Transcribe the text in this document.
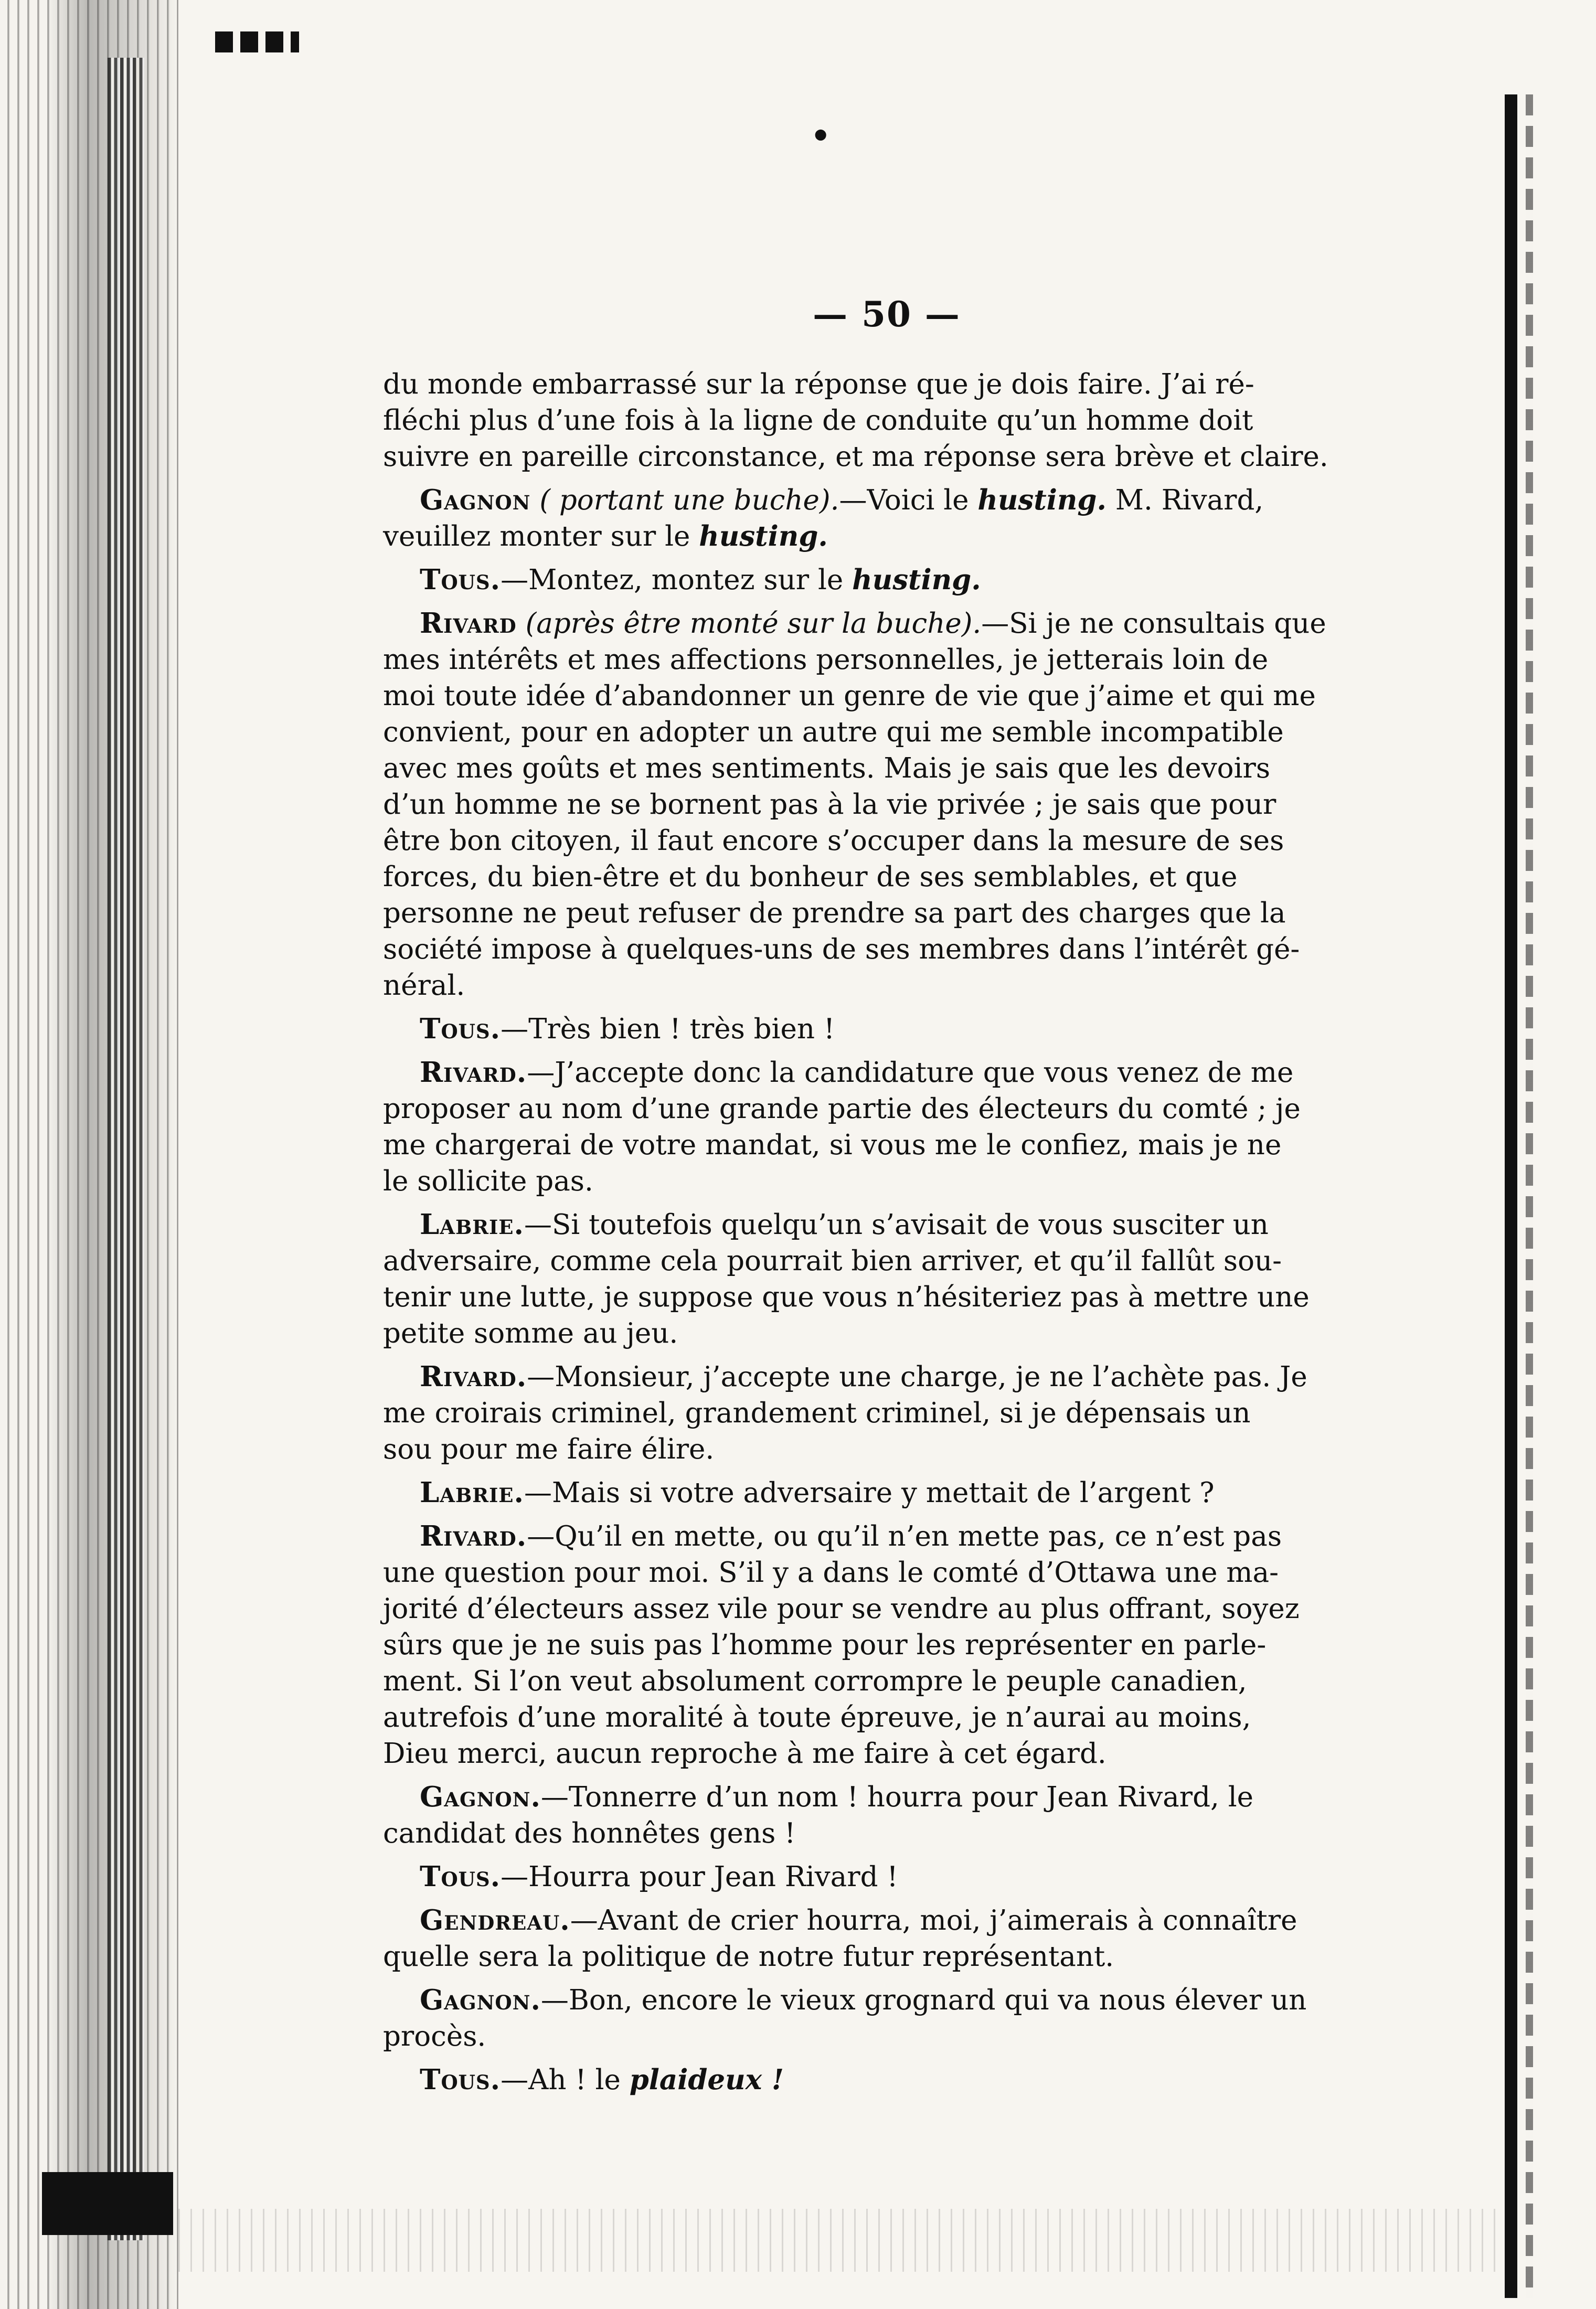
•
— 50 —
du monde embarrassé sur la réponse que je dois faire. J’ai ré-
fléchi plus d’une fois à la ligne de conduite qu’un homme doit
suivre en pareille circonstance, et ma réponse sera brève et claire.
Gagnon ( portant une buche).—Voici le husting. M. Rivard,
veuillez monter sur le husting.
Tous.—Montez, montez sur le husting.
Rivard (après être monté sur la buche).—Si je ne consultais que
mes intérêts et mes affections personnelles, je jetterais loin de
moi toute idée d’abandonner un genre de vie que j’aime et qui me
convient, pour en adopter un autre qui me semble incompatible
avec mes goûts et mes sentiments. Mais je sais que les devoirs
d’un homme ne se bornent pas à la vie privée ; je sais que pour
être bon citoyen, il faut encore s’occuper dans la mesure de ses
forces, du bien-être et du bonheur de ses semblables, et que
personne ne peut refuser de prendre sa part des charges que la
société impose à quelques-uns de ses membres dans l’intérêt gé-
néral.
Tous.—Très bien ! très bien !
Rivard.—J’accepte donc la candidature que vous venez de me
proposer au nom d’une grande partie des électeurs du comté ; je
me chargerai de votre mandat, si vous me le confiez, mais je ne
le sollicite pas.
Labrie.—Si toutefois quelqu’un s’avisait de vous susciter un
adversaire, comme cela pourrait bien arriver, et qu’il fallût sou-
tenir une lutte, je suppose que vous n’hésiteriez pas à mettre une
petite somme au jeu.
Rivard.—Monsieur, j’accepte une charge, je ne l’achète pas. Je
me croirais criminel, grandement criminel, si je dépensais un
sou pour me faire élire.
Labrie.—Mais si votre adversaire y mettait de l’argent ?
Rivard.—Qu’il en mette, ou qu’il n’en mette pas, ce n’est pas
une question pour moi. S’il y a dans le comté d’Ottawa une ma-
jorité d’électeurs assez vile pour se vendre au plus offrant, soyez
sûrs que je ne suis pas l’homme pour les représenter en parle-
ment. Si l’on veut absolument corrompre le peuple canadien,
autrefois d’une moralité à toute épreuve, je n’aurai au moins,
Dieu merci, aucun reproche à me faire à cet égard.
Gagnon.—Tonnerre d’un nom ! hourra pour Jean Rivard, le
candidat des honnêtes gens !
Tous.—Hourra pour Jean Rivard !
Gendreau.—Avant de crier hourra, moi, j’aimerais à connaître
quelle sera la politique de notre futur représentant.
Gagnon.—Bon, encore le vieux grognard qui va nous élever un
procès.
Tous.—Ah ! le plaideux !
